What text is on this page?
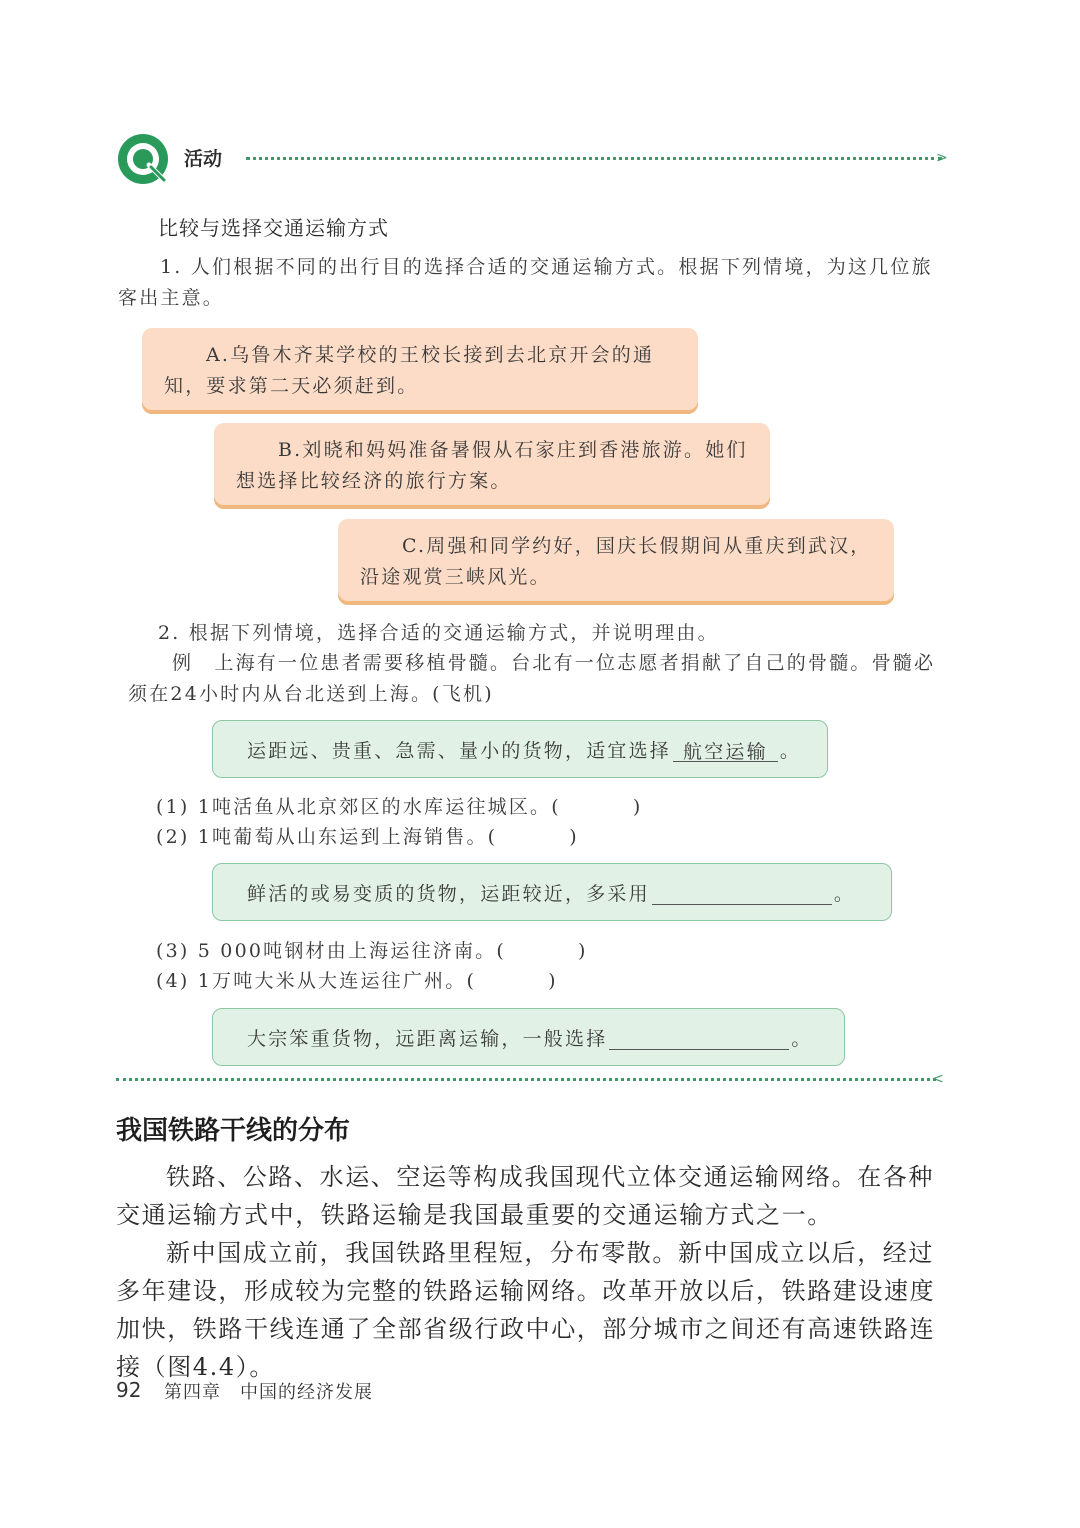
活动	>
比较与选择交通运输方式
1. 人们根据不同的出行目的选择合适的交通运输方式。根据下列情境，为这几位旅客出主意。
A.乌鲁木齐某学校的王校长接到去北京开会的通知，要求第二天必须赶到。
B.刘晓和妈妈准备暑假从石家庄到香港旅游。她们想选择比较经济的旅行方案。
C.周强和同学约好，国庆长假期间从重庆到武汉，沿途观赏三峡风光。
2. 根据下列情境，选择合适的交通运输方式，并说明理由。
例　上海有一位患者需要移植骨髓。台北有一位志愿者捐献了自己的骨髓。骨髓必须在24小时内从台北送到上海。(飞机)
运距远、贵重、急需、量小的货物，适宜选择 航空运输 。
(1) 1吨活鱼从北京郊区的水库运往城区。(	)
(2) 1吨葡萄从山东运到上海销售。(	)
鲜活的或易变质的货物，运距较近，多采用	。
(3) 5 000吨钢材由上海运往济南。(	)
(4) 1万吨大米从大连运往广州。(	)
大宗笨重货物，远距离运输，一般选择	。
<
我国铁路干线的分布
铁路、公路、水运、空运等构成我国现代立体交通运输网络。在各种交通运输方式中，铁路运输是我国最重要的交通运输方式之一。
新中国成立前，我国铁路里程短，分布零散。新中国成立以后，经过多年建设，形成较为完整的铁路运输网络。改革开放以后，铁路建设速度加快，铁路干线连通了全部省级行政中心，部分城市之间还有高速铁路连接（图4.4）。
92 第四章　中国的经济发展
